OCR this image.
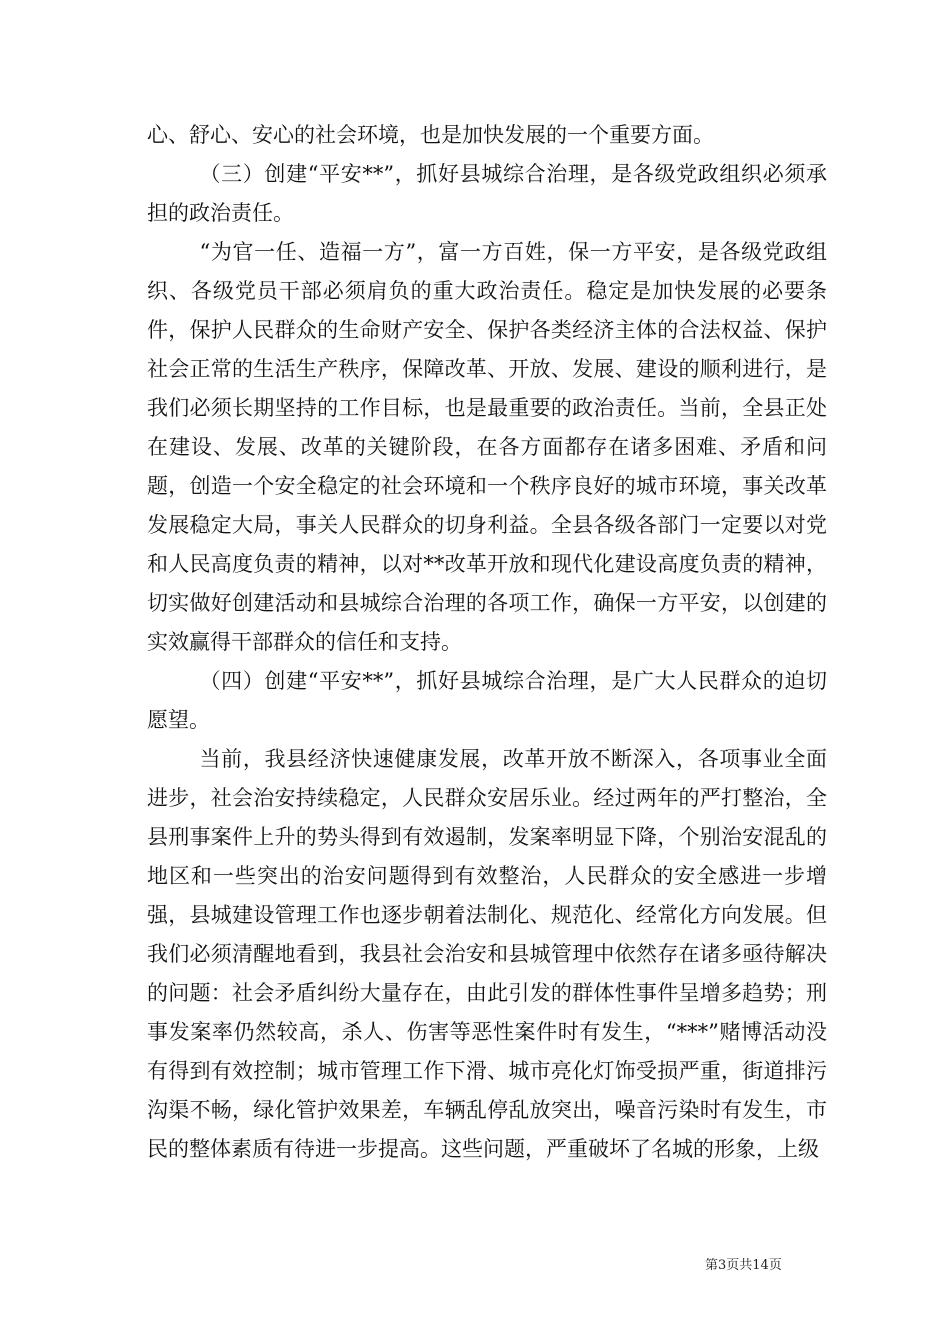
心、舒心、安心的社会环境，也是加快发展的一个重要方面。

（三）创建“平安**”，抓好县城综合治理，是各级党政组织必须承担的政治责任。

“为官一任、造福一方”，富一方百姓，保一方平安，是各级党政组织、各级党员干部必须肩负的重大政治责任。稳定是加快发展的必要条件，保护人民群众的生命财产安全、保护各类经济主体的合法权益、保护社会正常的生活生产秩序，保障改革、开放、发展、建设的顺利进行，是我们必须长期坚持的工作目标，也是最重要的政治责任。当前，全县正处在建设、发展、改革的关键阶段，在各方面都存在诸多困难、矛盾和问题，创造一个安全稳定的社会环境和一个秩序良好的城市环境，事关改革发展稳定大局，事关人民群众的切身利益。全县各级各部门一定要以对党和人民高度负责的精神，以对**改革开放和现代化建设高度负责的精神，切实做好创建活动和县城综合治理的各项工作，确保一方平安，以创建的实效赢得干部群众的信任和支持。

（四）创建“平安**”，抓好县城综合治理，是广大人民群众的迫切愿望。

当前，我县经济快速健康发展，改革开放不断深入，各项事业全面进步，社会治安持续稳定，人民群众安居乐业。经过两年的严打整治，全县刑事案件上升的势头得到有效遏制，发案率明显下降，个别治安混乱的地区和一些突出的治安问题得到有效整治，人民群众的安全感进一步增强，县城建设管理工作也逐步朝着法制化、规范化、经常化方向发展。但我们必须清醒地看到，我县社会治安和县城管理中依然存在诸多亟待解决的问题：社会矛盾纠纷大量存在，由此引发的群体性事件呈增多趋势；刑事发案率仍然较高，杀人、伤害等恶性案件时有发生，“***”赌博活动没有得到有效控制；城市管理工作下滑、城市亮化灯饰受损严重，街道排污沟渠不畅，绿化管护效果差，车辆乱停乱放突出，噪音污染时有发生，市民的整体素质有待进一步提高。这些问题，严重破坏了名城的形象，上级

第3页共14页
